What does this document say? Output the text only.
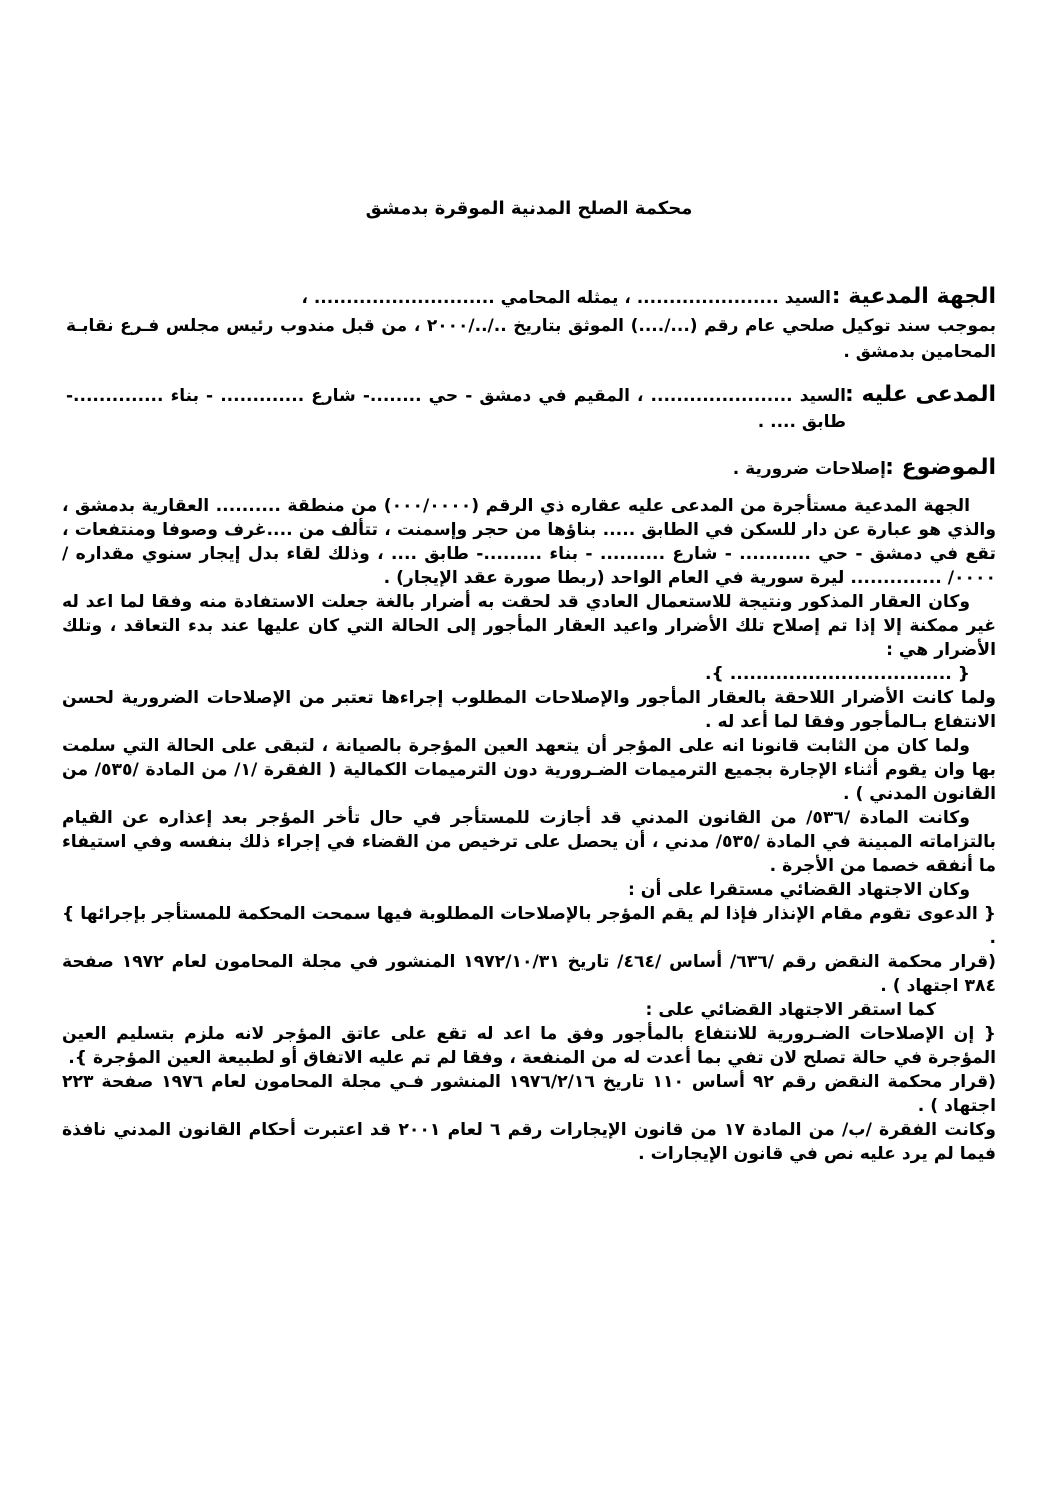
محكمة الصلح المدنية الموقرة بدمشق
الجهة المدعية :
السيد ...................... ، يمثله المحامي ............................ ،
بموجب سند توكيل صلحي عام رقم (.../....) الموثق بتاريخ ../../٢٠٠٠ ، من قبل مندوب رئيس مجلس فـرع نقابـة المحامين بدمشق .
المدعى عليه :
السيد ...................... ، المقيم في دمشق - حي ........- شارع ............. - بناء ..............- طابق .... .
الموضوع :
إصلاحات ضرورية .

الجهة المدعية مستأجرة من المدعى عليه عقاره ذي الرقم (٠٠٠/٠٠٠٠) من منطقة .......... العقارية بدمشق ، والذي هو عبارة عن دار للسكن في الطابق ..... بناؤها من حجر وإسمنت ، تتألف من ....غرف وصوفا ومنتفعات ، تقع في دمشق - حي ........... - شارع .......... - بناء .........- طابق .... ، وذلك لقاء بدل إيجار سنوي مقداره /٠٠٠٠/ .............. ليرة سورية في العام الواحد (ربطا صورة عقد الإيجار) .

وكان العقار المذكور ونتيجة للاستعمال العادي قد لحقت به أضرار بالغة جعلت الاستفادة منه وفقا لما اعد له غير ممكنة إلا إذا تم إصلاح تلك الأضرار واعيد العقار المأجور إلى الحالة التي كان عليها عند بدء التعاقد ، وتلك الأضرار هي :

{ .................................. }.

ولما كانت الأضرار اللاحقة بالعقار المأجور والإصلاحات المطلوب إجراءها تعتبر من الإصلاحات الضرورية لحسن الانتفاع بـالمأجور وفقا لما أعد له .

ولما كان من الثابت قانونا انه على المؤجر أن يتعهد العين المؤجرة بالصيانة ، لتبقى على الحالة التي سلمت بها وان يقوم أثناء الإجارة بجميع الترميمات الضـرورية دون الترميمات الكمالية ( الفقرة /١/ من المادة /٥٣٥/ من القانون المدني ) .

وكانت المادة /٥٣٦/ من القانون المدني قد أجازت للمستأجر في حال تأخر المؤجر بعد إعذاره عن القيام بالتزاماته المبينة في المادة /٥٣٥/ مدني ، أن يحصل على ترخيص من القضاء في إجراء ذلك بنفسه وفي استيفاء ما أنفقه خصما من الأجرة .

وكان الاجتهاد القضائي مستقرا على أن :

{ الدعوى تقوم مقام الإنذار فإذا لم يقم المؤجر بالإصلاحات المطلوبة فيها سمحت المحكمة للمستأجر بإجرائها } .

(قرار محكمة النقض رقم /٦٣٦/ أساس /٤٦٤/ تاريخ ١٩٧٢/١٠/٣١ المنشور في مجلة المحامون لعام ١٩٧٢ صفحة ٣٨٤ اجتهاد ) .

كما استقر الاجتهاد القضائي على :

{ إن الإصلاحات الضـرورية للانتفاع بالمأجور وفق ما اعد له تقع على عاتق المؤجر لانه ملزم بتسليم العين المؤجرة في حالة تصلح لان تفي بما أعدت له من المنفعة ، وفقا لم تم عليه الاتفاق أو لطبيعة العين المؤجرة }.

(قرار محكمة النقض رقم ٩٢ أساس ١١٠ تاريخ ١٩٧٦/٢/١٦ المنشور فـي مجلة المحامون لعام ١٩٧٦ صفحة ٢٢٣ اجتهاد ) .

وكانت الفقرة /ب/ من المادة ١٧ من قانون الإيجارات رقم ٦ لعام ٢٠٠١ قد اعتبرت أحكام القانون المدني نافذة فيما لم يرد عليه نص في قانون الإيجارات .
